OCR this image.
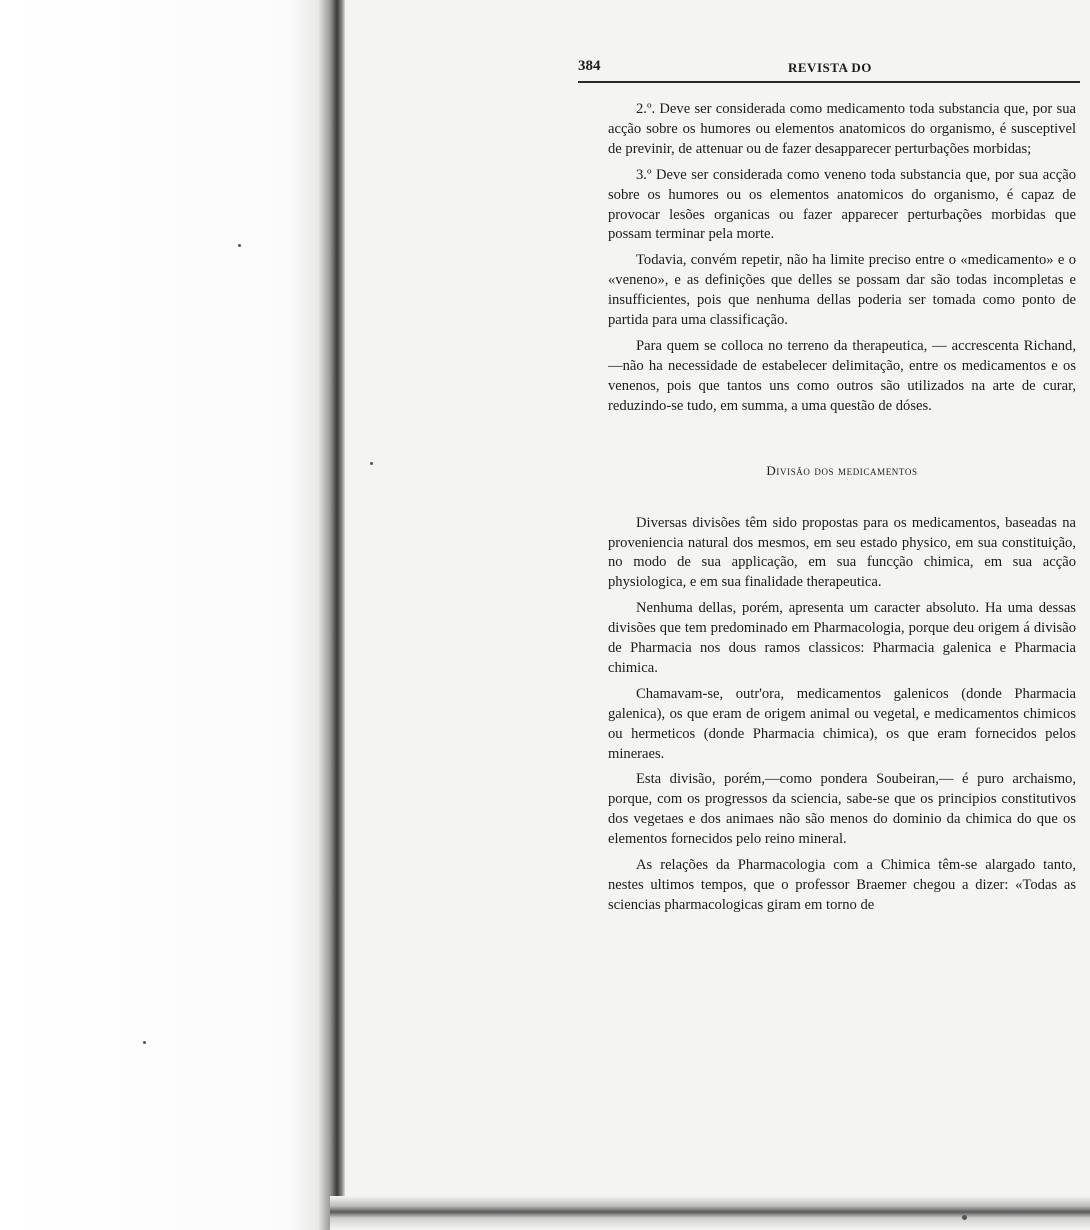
384	REVISTA DO

2.º. Deve ser considerada como medicamento toda substancia que, por sua acção sobre os humores ou elementos anatomicos do organismo, é susceptivel de previnir, de attenuar ou de fazer desapparecer perturbações morbidas;

3.º Deve ser considerada como veneno toda substancia que, por sua acção sobre os humores ou os elementos anatomicos do organismo, é capaz de provocar lesões organicas ou fazer apparecer perturbações morbidas que possam terminar pela morte.

Todavia, convém repetir, não ha limite preciso entre o «medicamento» e o «veneno», e as definições que delles se possam dar são todas incompletas e insufficientes, pois que nenhuma dellas poderia ser tomada como ponto de partida para uma classificação.

Para quem se colloca no terreno da therapeutica, — accrescenta Richand,—não ha necessidade de estabelecer delimitação, entre os medicamentos e os venenos, pois que tantos uns como outros são utilizados na arte de curar, reduzindo-se tudo, em summa, a uma questão de dóses.

Divisão dos medicamentos

Diversas divisões têm sido propostas para os medicamentos, baseadas na proveniencia natural dos mesmos, em seu estado physico, em sua constituição, no modo de sua applicação, em sua funcção chimica, em sua acção physiologica, e em sua finalidade therapeutica.

Nenhuma dellas, porém, apresenta um caracter absoluto. Ha uma dessas divisões que tem predominado em Pharmacologia, porque deu origem á divisão de Pharmacia nos dous ramos classicos: Pharmacia galenica e Pharmacia chimica.

Chamavam-se, outr'ora, medicamentos galenicos (donde Pharmacia galenica), os que eram de origem animal ou vegetal, e medicamentos chimicos ou hermeticos (donde Pharmacia chimica), os que eram fornecidos pelos mineraes.

Esta divisão, porém,—como pondera Soubeiran,— é puro archaismo, porque, com os progressos da sciencia, sabe-se que os principios constitutivos dos vegetaes e dos animaes não são menos do dominio da chimica do que os elementos fornecidos pelo reino mineral.

As relações da Pharmacologia com a Chimica têm-se alargado tanto, nestes ultimos tempos, que o professor Braemer chegou a dizer: «Todas as sciencias pharmacologicas giram em torno de
